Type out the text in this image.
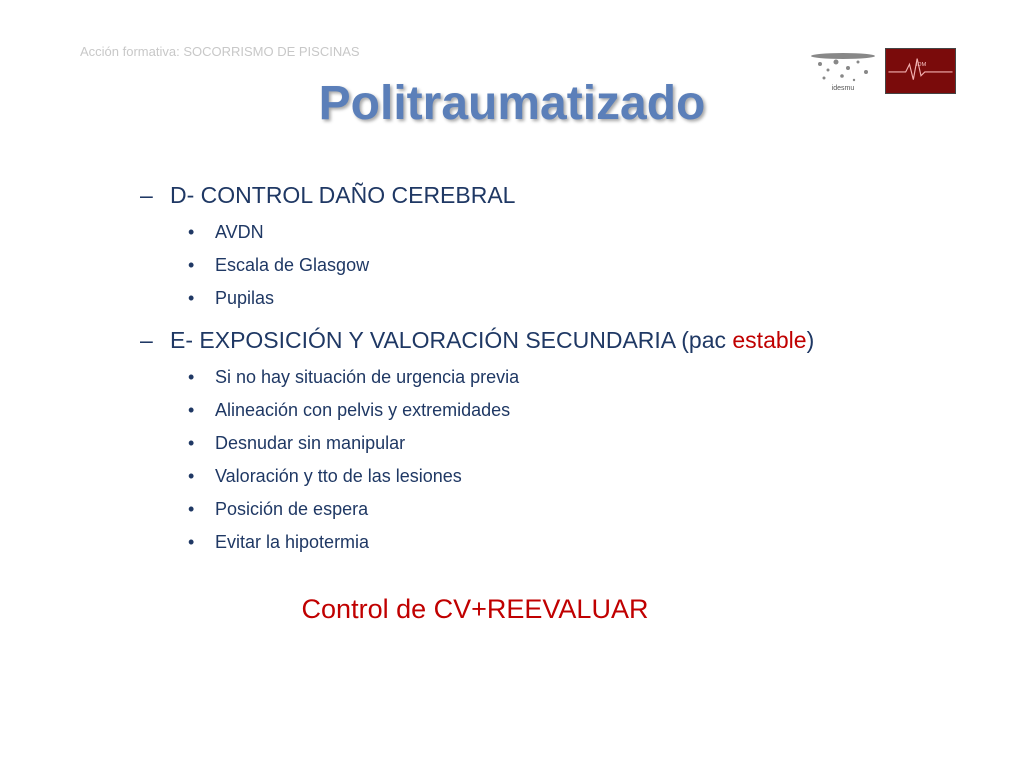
Acción formativa: SOCORRISMO DE PISCINAS
idesmu
IDM
Politraumatizado
– D- CONTROL DAÑO CEREBRAL
•	AVDN
•	Escala de Glasgow
•	Pupilas
– E- EXPOSICIÓN Y VALORACIÓN SECUNDARIA (pac estable)
•	Si no hay situación de urgencia previa
•	Alineación con pelvis y extremidades
•	Desnudar sin manipular
•	Valoración y tto de las lesiones
•	Posición de espera
•	Evitar la hipotermia
Control de CV+REEVALUAR
